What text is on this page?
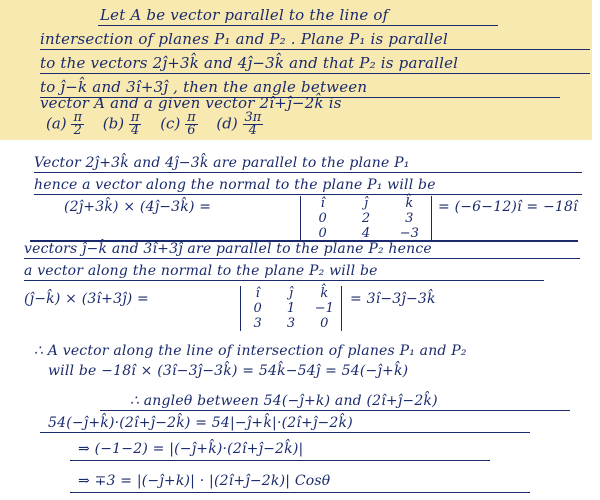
Let A be vector parallel to the line of
intersection of planes P₁ and P₂ . Plane P₁ is parallel
to the vectors 2ĵ+3k̂ and 4ĵ−3k̂ and that P₂ is parallel
to ĵ−k̂ and 3î+3ĵ , then the angle between
vector A and a given vector 2î+ĵ−2k̂ is
$(a) \frac{\pi}{2} (b) \frac{\pi}{4} (c) \frac{\pi}{6} (d) \frac{3\pi}{4}$
Vector 2ĵ+3k̂ and 4ĵ−3k̂ are parallel to the plane P₁
hence a vector along the normal to the plane P₁ will be
(2ĵ+3k̂) × (4ĵ−3k̂) =	î	ĵ	k̂
0	2	3
0	4	−3
= (−6−12)î = −18î
vectors ĵ−k̂ and 3î+3ĵ are parallel to the plane P₂ hence
a vector along the normal to the plane P₂ will be
(ĵ−k̂) × (3î+3ĵ) =	î	ĵ	k̂
0	1	−1
3	3	0
= 3î−3ĵ−3k̂
∴ A vector along the line of intersection of planes P₁ and P₂
will be −18î × (3î−3ĵ−3k̂) = 54k̂−54ĵ = 54(−ĵ+k̂)
∴ angleθ between 54(−ĵ+k) and (2î+ĵ−2k̂)
54(−ĵ+k̂)·(2î+ĵ−2k̂) = 54|−ĵ+k̂|·(2î+ĵ−2k̂)
⇒ (−1−2) = |(−ĵ+k̂)·(2î+ĵ−2k̂)|
⇒ ∓3 = |(−ĵ+k)| · |(2î+ĵ−2k)| Cosθ
